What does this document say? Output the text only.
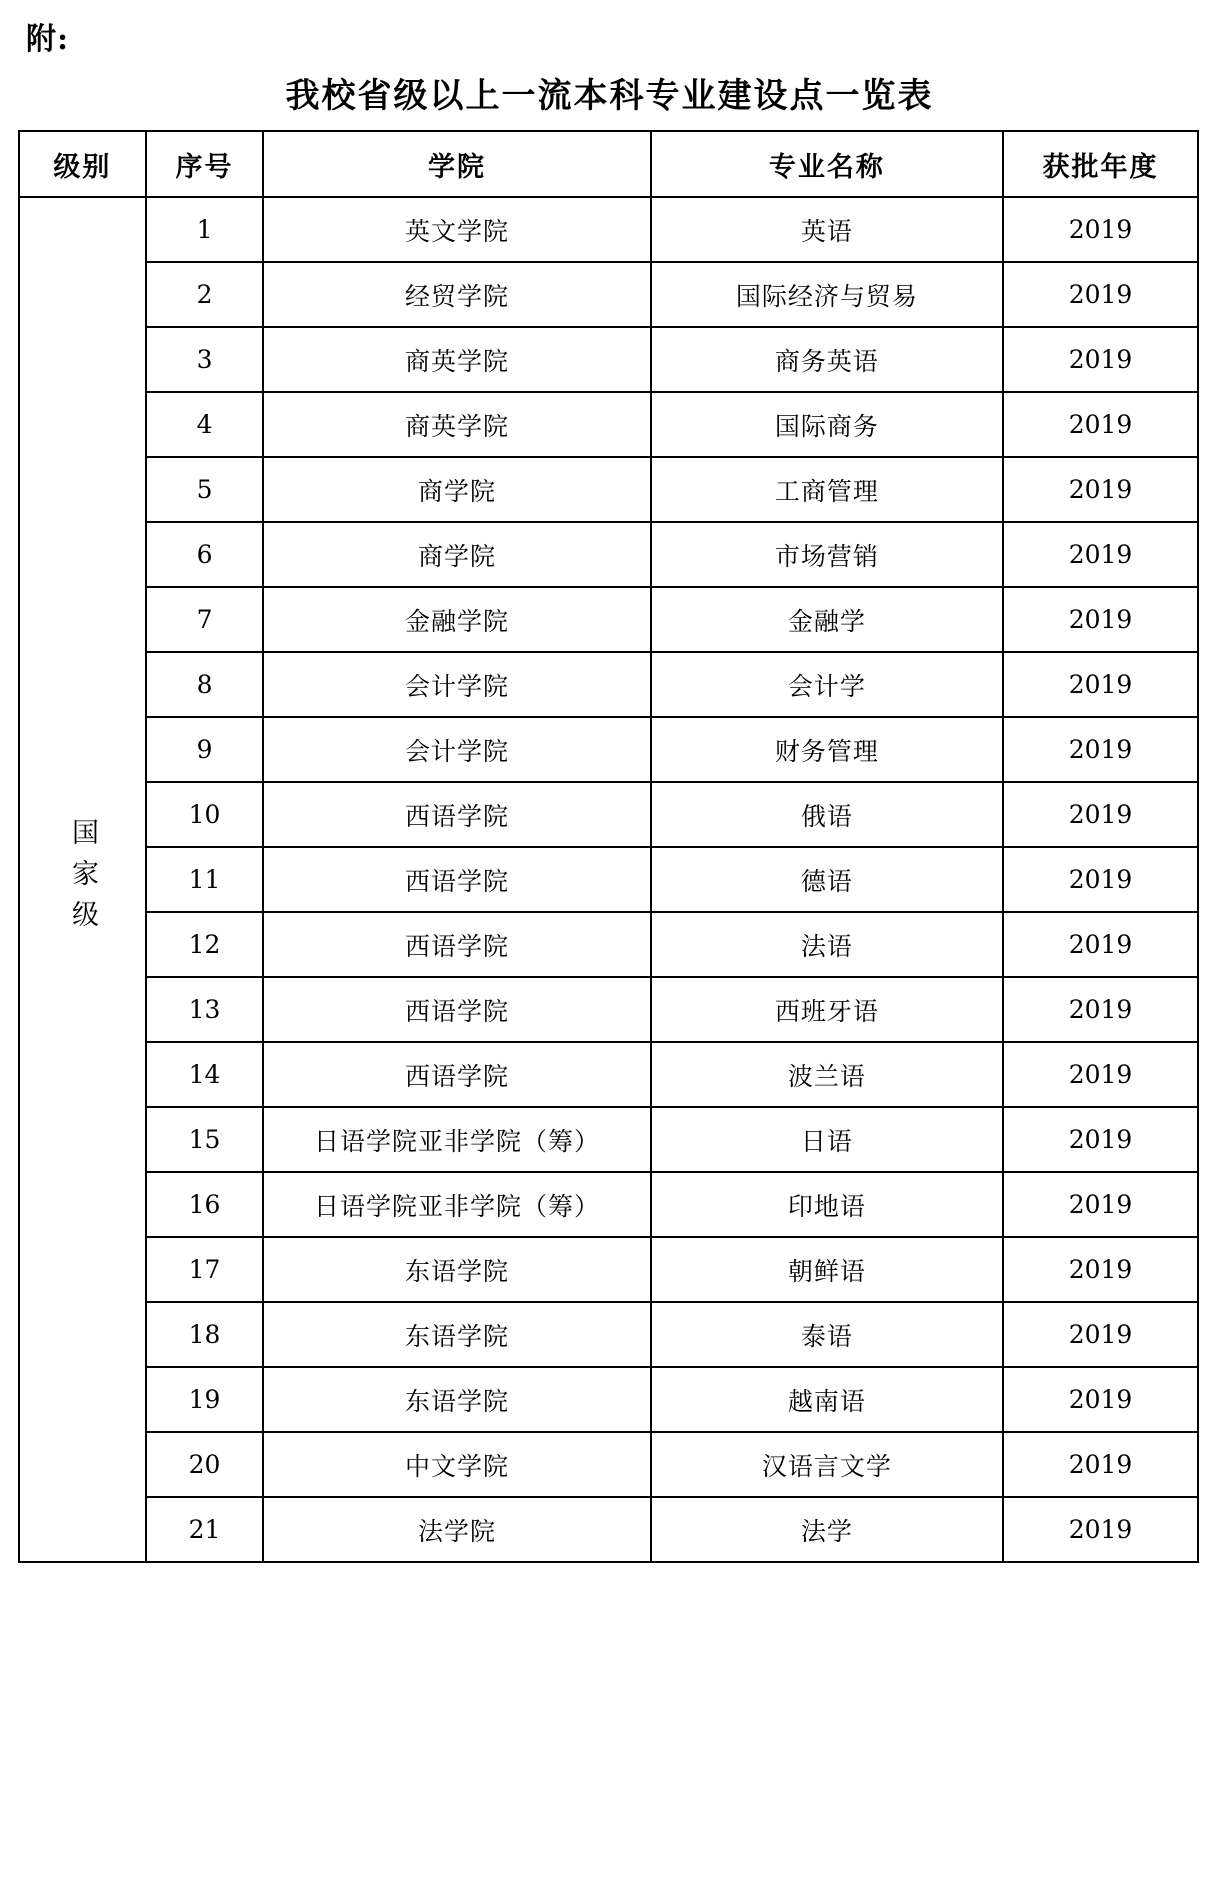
附:
我校省级以上一流本科专业建设点一览表
级别	序号	学院	专业名称	获批年度

国家级	1	英文学院	英语	2019
	2	经贸学院	国际经济与贸易	2019
	3	商英学院	商务英语	2019
	4	商英学院	国际商务	2019
	5	商学院	工商管理	2019
	6	商学院	市场营销	2019
	7	金融学院	金融学	2019
	8	会计学院	会计学	2019
	9	会计学院	财务管理	2019
	10	西语学院	俄语	2019
	11	西语学院	德语	2019
	12	西语学院	法语	2019
	13	西语学院	西班牙语	2019
	14	西语学院	波兰语	2019
	15	日语学院亚非学院（筹）	日语	2019
	16	日语学院亚非学院（筹）	印地语	2019
	17	东语学院	朝鲜语	2019
	18	东语学院	泰语	2019
	19	东语学院	越南语	2019
	20	中文学院	汉语言文学	2019
	21	法学院	法学	2019
